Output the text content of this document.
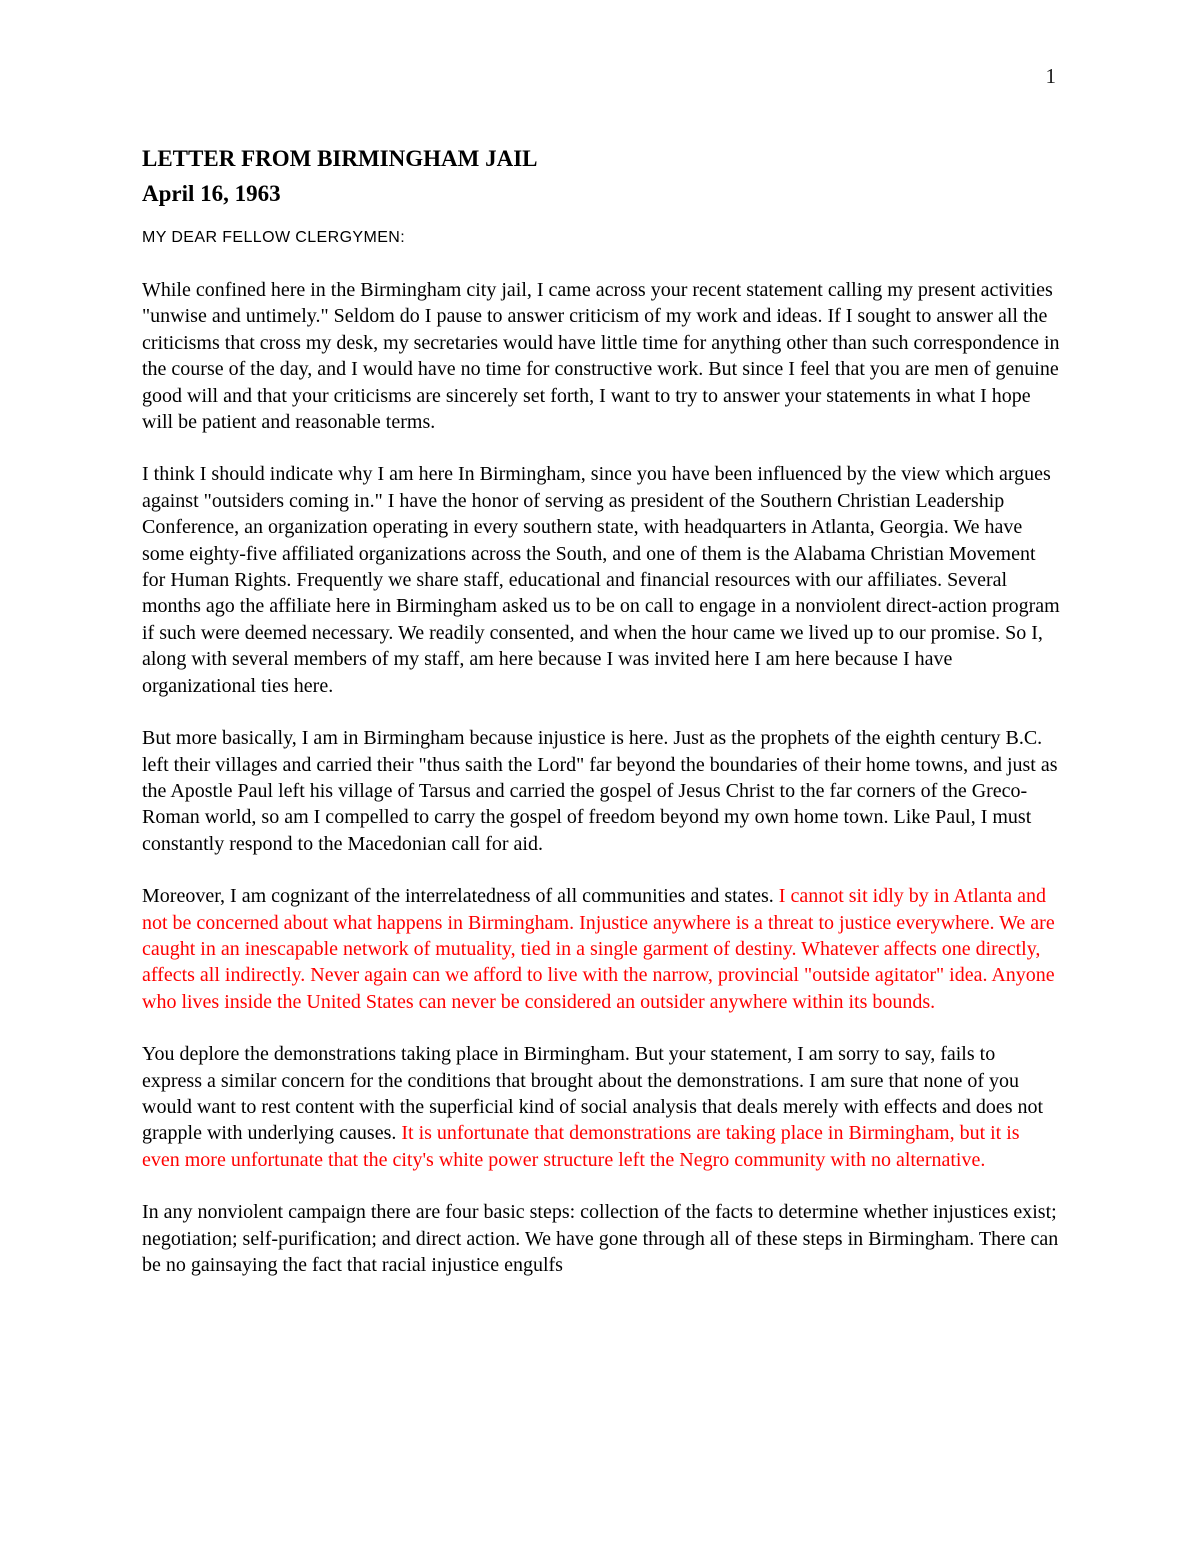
1
LETTER FROM BIRMINGHAM JAIL
April 16, 1963
MY DEAR FELLOW CLERGYMEN:

While confined here in the Birmingham city jail, I came across your recent statement calling my present activities "unwise and untimely." Seldom do I pause to answer criticism of my work and ideas. If I sought to answer all the criticisms that cross my desk, my secretaries would have little time for anything other than such correspondence in the course of the day, and I would have no time for constructive work. But since I feel that you are men of genuine good will and that your criticisms are sincerely set forth, I want to try to answer your statements in what I hope will be patient and reasonable terms.

I think I should indicate why I am here In Birmingham, since you have been influenced by the view which argues against "outsiders coming in." I have the honor of serving as president of the Southern Christian Leadership Conference, an organization operating in every southern state, with headquarters in Atlanta, Georgia. We have some eighty-five affiliated organizations across the South, and one of them is the Alabama Christian Movement for Human Rights. Frequently we share staff, educational and financial resources with our affiliates. Several months ago the affiliate here in Birmingham asked us to be on call to engage in a nonviolent direct-action program if such were deemed necessary. We readily consented, and when the hour came we lived up to our promise. So I, along with several members of my staff, am here because I was invited here I am here because I have organizational ties here.

But more basically, I am in Birmingham because injustice is here. Just as the prophets of the eighth century B.C. left their villages and carried their "thus saith the Lord" far beyond the boundaries of their home towns, and just as the Apostle Paul left his village of Tarsus and carried the gospel of Jesus Christ to the far corners of the Greco-Roman world, so am I compelled to carry the gospel of freedom beyond my own home town. Like Paul, I must constantly respond to the Macedonian call for aid.

Moreover, I am cognizant of the interrelatedness of all communities and states. I cannot sit idly by in Atlanta and not be concerned about what happens in Birmingham. Injustice anywhere is a threat to justice everywhere. We are caught in an inescapable network of mutuality, tied in a single garment of destiny. Whatever affects one directly, affects all indirectly. Never again can we afford to live with the narrow, provincial "outside agitator" idea. Anyone who lives inside the United States can never be considered an outsider anywhere within its bounds.

You deplore the demonstrations taking place in Birmingham. But your statement, I am sorry to say, fails to express a similar concern for the conditions that brought about the demonstrations. I am sure that none of you would want to rest content with the superficial kind of social analysis that deals merely with effects and does not grapple with underlying causes. It is unfortunate that demonstrations are taking place in Birmingham, but it is even more unfortunate that the city's white power structure left the Negro community with no alternative.

In any nonviolent campaign there are four basic steps: collection of the facts to determine whether injustices exist; negotiation; self-purification; and direct action. We have gone through all of these steps in Birmingham. There can be no gainsaying the fact that racial injustice engulfs
